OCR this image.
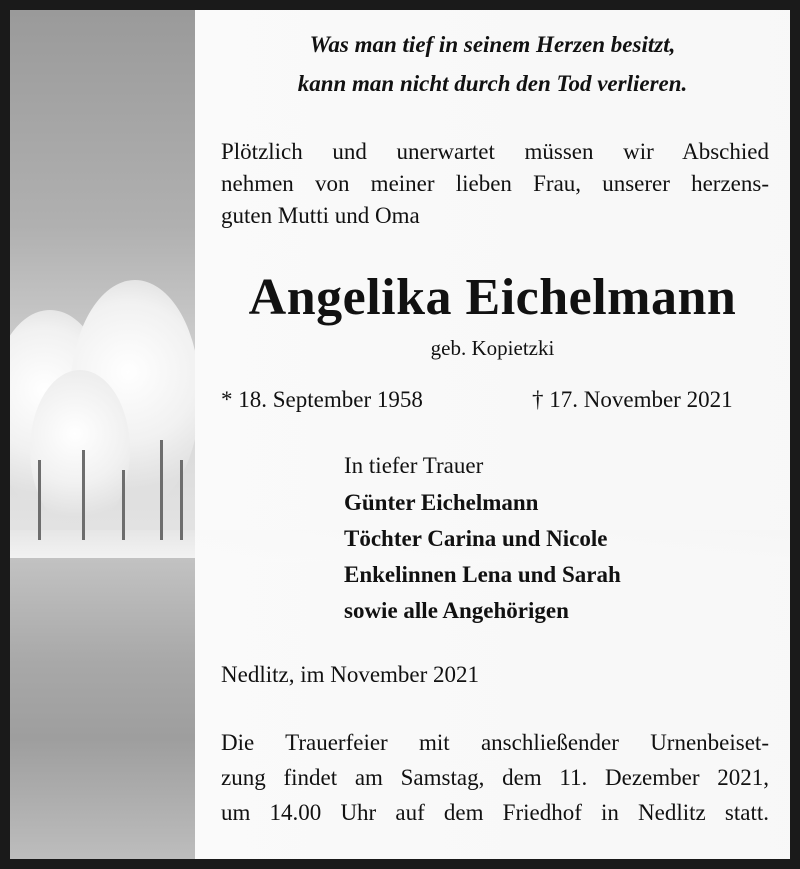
Was man tief in seinem Herzen besitzt,
kann man nicht durch den Tod verlieren.
Plötzlich und unerwartet müssen wir Abschied
nehmen von meiner lieben Frau, unserer herzens-
guten Mutti und Oma
Angelika Eichelmann
geb. Kopietzki
* 18. September 1958	† 17. November 2021
In tiefer Trauer
Günter Eichelmann
Töchter Carina und Nicole
Enkelinnen Lena und Sarah
sowie alle Angehörigen
Nedlitz, im November 2021
Die Trauerfeier mit anschließender Urnenbeiset-
zung findet am Samstag, dem 11. Dezember 2021,
um 14.00 Uhr auf dem Friedhof in Nedlitz statt.
